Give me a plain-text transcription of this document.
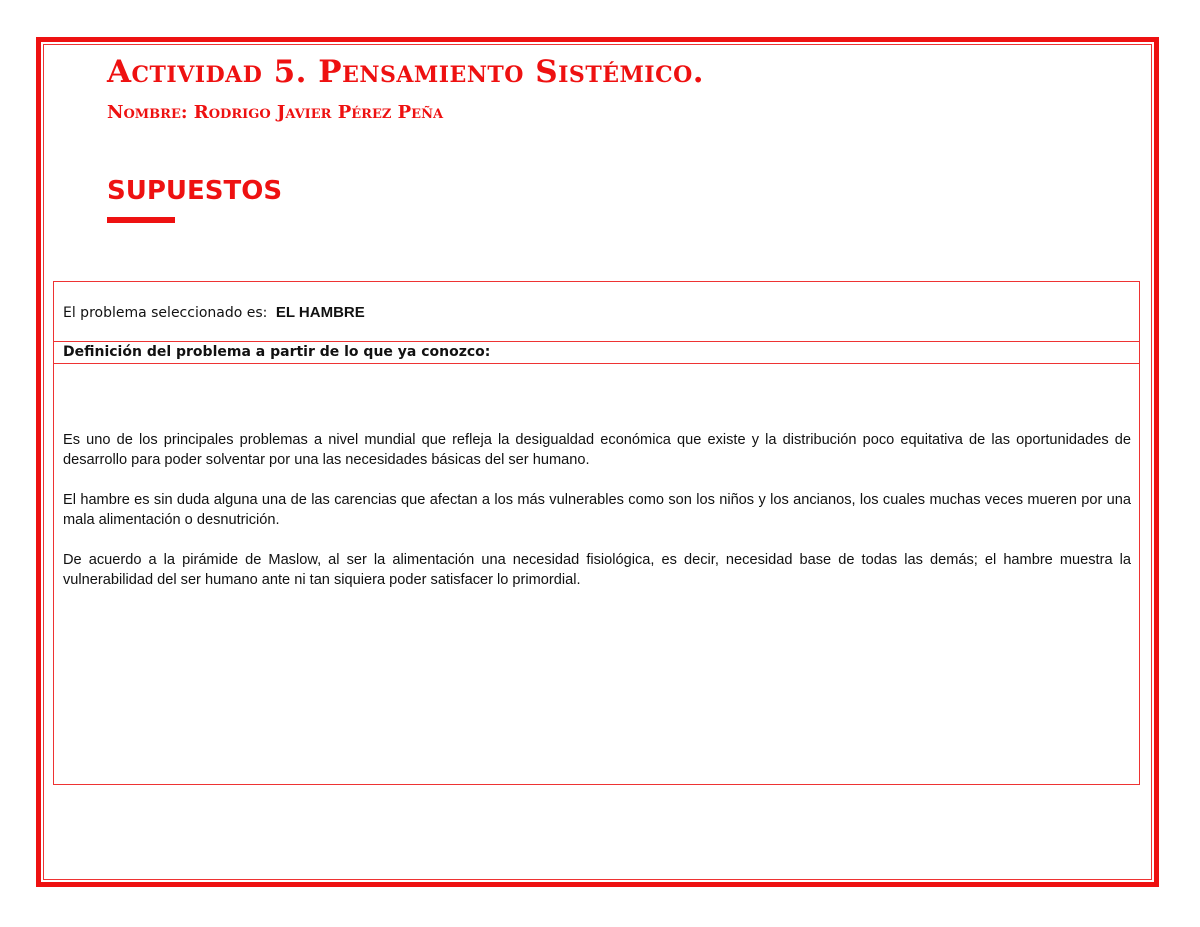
Actividad 5. Pensamiento Sistémico.
Nombre: Rodrigo Javier Pérez Peña
SUPUESTOS
El problema seleccionado es: EL HAMBRE
Definición del problema a partir de lo que ya conozco:

Es uno de los principales problemas a nivel mundial que refleja la desigualdad económica que existe y la distribución poco equitativa de las oportunidades de desarrollo para poder solventar por una las necesidades básicas del ser humano.

El hambre es sin duda alguna una de las carencias que afectan a los más vulnerables como son los niños y los ancianos, los cuales muchas veces mueren por una mala alimentación o desnutrición.

De acuerdo a la pirámide de Maslow, al ser la alimentación una necesidad fisiológica, es decir, necesidad base de todas las demás; el hambre muestra la vulnerabilidad del ser humano ante ni tan siquiera poder satisfacer lo primordial.
